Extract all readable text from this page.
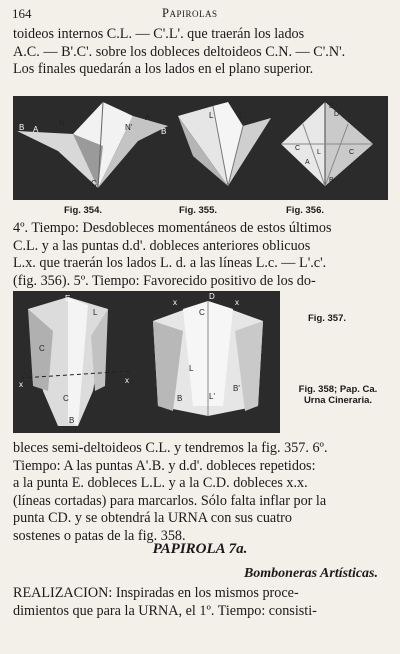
164	Papirolas
toideos internos C.L. — C'.L'. que traerán los lados
A.C. — B'.C'. sobre los dobleces deltoideos C.N. — C'.N'.
Los finales quedarán a los lados en el plano superior.
B A
N
A
N'	B
C
L	L'
E
D
C
L
A
C
B
Fig. 354.	Fig. 355.	Fig. 356.
4º. Tiempo: Desdobleces momentáneos de estos últimos
C.L. y a las puntas d.d'. dobleces anteriores oblicuos
L.x. que traerán los lados L. d. a las líneas L.c. — L'.c'.
(fig. 356). 5º. Tiempo: Favorecido positivo de los do-
E
L
C
x	x
C
B
D
C
x	x
L
B	L'
B'
Fig. 357.
Fig. 358; Pap. Ca.
Urna Cineraria.
bleces semi-deltoideos C.L. y tendremos la fig. 357. 6º.
Tiempo: A las puntas A'.B. y d.d'. dobleces repetidos:
a la punta E. dobleces L.L. y a la C.D. dobleces x.x.
(líneas cortadas) para marcarlos. Sólo falta inflar por la
punta CD. y se obtendrá la URNA con sus cuatro
sostenes o patas de la fig. 358.
PAPIROLA 7a.
Bomboneras Artísticas.
REALIZACION: Inspiradas en los mismos proce-
dimientos que para la URNA, el 1º. Tiempo: consisti-
